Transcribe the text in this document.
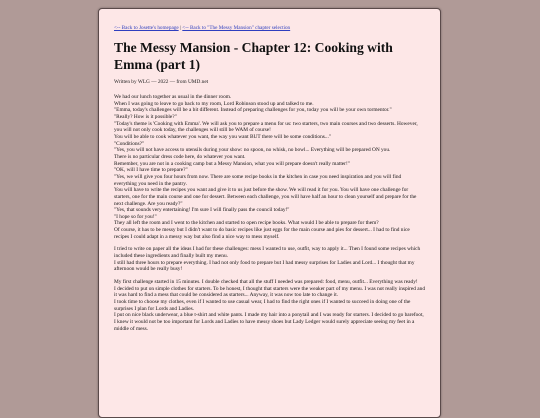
<-- Back to Josette's homepage | <-- Back to "The Messy Mansion" chapter selection
The Messy Mansion - Chapter 12: Cooking with Emma (part 1)
Written by WLG — 2022 — from UMD.net

We had our lunch together as usual in the dinner room.
When I was going to leave to go back to my room, Lord Robinson stood up and talked to me.
"Emma, today's challenges will be a bit different. Instead of preparing challenges for you, today you will be your own tormentor."
"Really? How is it possible?"
"Today's theme is 'Cooking with Emma'. We will ask you to prepare a menu for us: two starters, two main courses and two desserts. However, you will not only cook today, the challenges will still be WAM of course!
You will be able to cook whatever you want, the way you want BUT there will be some conditions..."
"Conditions?"
"Yes, you will not have access to utensils during your show: no spoon, no whisk, no bowl... Everything will be prepared ON you.
There is no particular dress code here, do whatever you want.
Remember, you are not in a cooking camp but a Messy Mansion, what you will prepare doesn't really matter!"
"OK, will I have time to prepare?"
"Yes, we will give you four hours from now. There are some recipe books in the kitchen in case you need inspiration and you will find everything you need in the pantry.
You will have to write the recipes you want and give it to us just before the show. We will read it for you. You will have one challenge for starters, one for the main course and one for dessert. Between each challenge, you will have half an hour to clean yourself and prepare for the next challenge. Are you ready?"
"Yes, that sounds very entertaining! I'm sure I will finally pass the council today!"
"I hope so for you!"
They all left the room and I went to the kitchen and started to open recipe books. What would I be able to prepare for them?
Of course, it has to be messy but I didn't want to do basic recipes like just eggs for the main course and pies for dessert... I had to find nice recipes I could adapt in a messy way but also find a nice way to mess myself.

I tried to write on paper all the ideas I had for these challenges: mess I wanted to use, outfit, way to apply it... Then I found some recipes which included these ingredients and finally built my menu.
I still had three hours to prepare everything. I had not only food to prepare but I had messy surprises for Ladies and Lord... I thought that my afternoon would be really busy!

My first challenge started in 15 minutes. I double checked that all the stuff I needed was prepared: food, menu, outfit... Everything was ready!
I decided to put on simple clothes for starters. To be honest, I thought that starters were the weaker part of my menu. I was not really inspired and it was hard to find a mess that could be considered as starters... Anyway, it was now too late to change it.
I took time to choose my clothes, even if I wanted to use casual wear, I had to find the right ones if I wanted to succeed in doing one of the surprises I plan for Lords and Ladies.
I put on nice black underwear, a blue t-shirt and white pants. I made my hair into a ponytail and I was ready for starters. I decided to go barefoot, I knew it would not be too important for Lords and Ladies to have messy shoes but Lady Ledger would surely appreciate seeing my feet in a middle of mess.
